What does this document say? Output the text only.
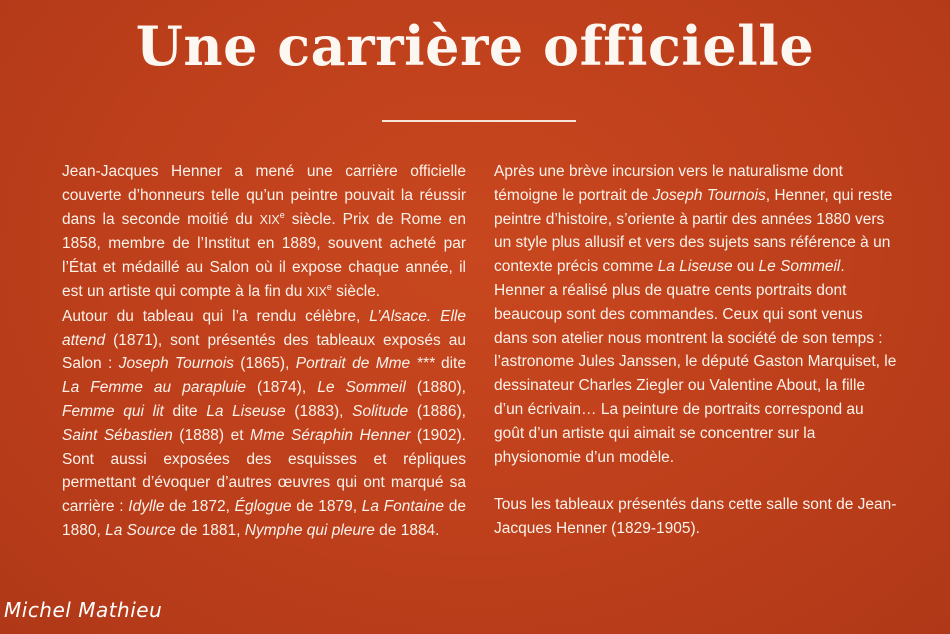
Une carrière officielle

Jean-Jacques Henner a mené une carrière officielle couverte d’honneurs telle qu’un peintre pouvait la réussir dans la seconde moitié du XIXe siècle. Prix de Rome en 1858, membre de l’Institut en 1889, souvent acheté par l’État et médaillé au Salon où il expose chaque année, il est un artiste qui compte à la fin du XIXe siècle.

Autour du tableau qui l’a rendu célèbre, L’Alsace. Elle attend (1871), sont présentés des tableaux exposés au Salon : Joseph Tournois (1865), Portrait de Mme *** dite La Femme au parapluie (1874), Le Sommeil (1880), Femme qui lit dite La Liseuse (1883), Solitude (1886), Saint Sébastien (1888) et Mme Séraphin Henner (1902). Sont aussi exposées des esquisses et répliques permettant d’évoquer d’autres œuvres qui ont marqué sa carrière : Idylle de 1872, Églogue de 1879, La Fontaine de 1880, La Source de 1881, Nymphe qui pleure de 1884.

Après une brève incursion vers le naturalisme dont témoigne le portrait de Joseph Tournois, Henner, qui reste peintre d’histoire, s’oriente à partir des années 1880 vers un style plus allusif et vers des sujets sans référence à un contexte précis comme La Liseuse ou Le Sommeil.

Henner a réalisé plus de quatre cents portraits dont beaucoup sont des commandes. Ceux qui sont venus dans son atelier nous montrent la société de son temps : l’astronome Jules Janssen, le député Gaston Marquiset, le dessinateur Charles Ziegler ou Valentine About, la fille d’un écrivain… La peinture de portraits correspond au goût d’un artiste qui aimait se concentrer sur la physionomie d’un modèle.

Tous les tableaux présentés dans cette salle sont de Jean-Jacques Henner (1829-1905).

Michel Mathieu
